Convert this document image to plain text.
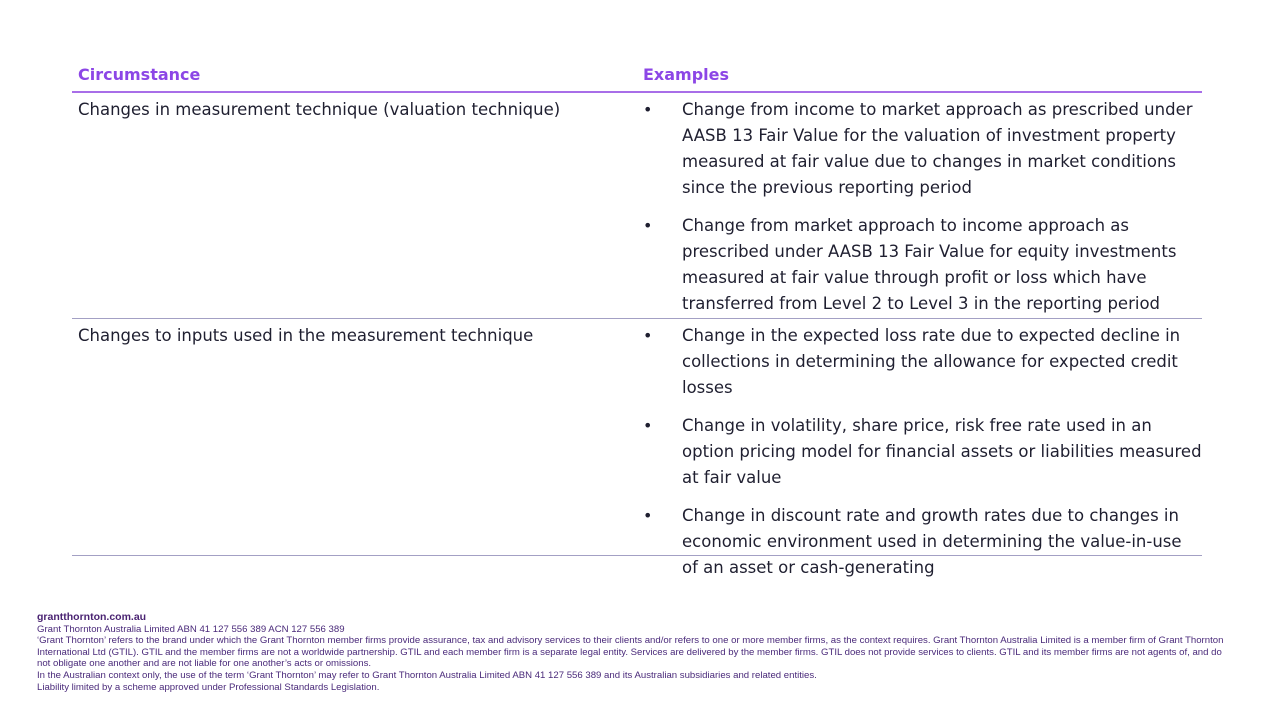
Circumstance	Examples
Changes in measurement technique (valuation technique)	• Change from income to market approach as prescribed under AASB 13 Fair Value for the valuation of investment property measured at fair value due to changes in market conditions since the previous reporting period
• Change from market approach to income approach as prescribed under AASB 13 Fair Value for equity investments measured at fair value through profit or loss which have transferred from Level 2 to Level 3 in the reporting period
Changes to inputs used in the measurement technique	• Change in the expected loss rate due to expected decline in collections in determining the allowance for expected credit losses
• Change in volatility, share price, risk free rate used in an option pricing model for financial assets or liabilities measured at fair value
• Change in discount rate and growth rates due to changes in economic environment used in determining the value-in-use of an asset or cash-generating
grantthornton.com.au
Grant Thornton Australia Limited ABN 41 127 556 389 ACN 127 556 389
‘Grant Thornton’ refers to the brand under which the Grant Thornton member firms provide assurance, tax and advisory services to their clients and/or refers to one or more member firms, as the context requires. Grant Thornton Australia Limited is a member firm of Grant Thornton International Ltd (GTIL). GTIL and the member firms are not a worldwide partnership. GTIL and each member firm is a separate legal entity. Services are delivered by the member firms. GTIL does not provide services to clients. GTIL and its member firms are not agents of, and do not obligate one another and are not liable for one another’s acts or omissions.
In the Australian context only, the use of the term ‘Grant Thornton’ may refer to Grant Thornton Australia Limited ABN 41 127 556 389 and its Australian subsidiaries and related entities.
Liability limited by a scheme approved under Professional Standards Legislation.
